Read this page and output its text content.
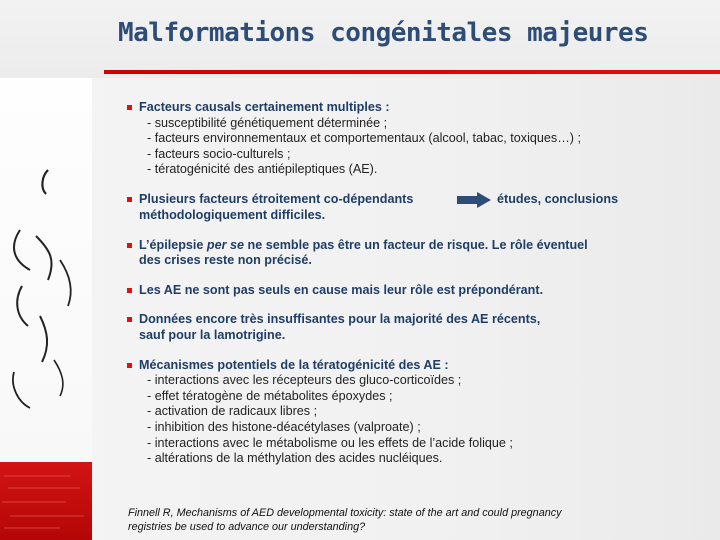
Malformations congénitales majeures
Facteurs causals certainement multiples :
- susceptibilité génétiquement déterminée ;
- facteurs environnementaux et comportementaux (alcool, tabac, toxiques…) ;
- facteurs socio-culturels ;
- tératogénicité des antiépileptiques (AE).
Plusieurs facteurs étroitement co-dépendants	études, conclusions
méthodologiquement difficiles.
L’épilepsie per se ne semble pas être un facteur de risque. Le rôle éventuel
des crises reste non précisé.
Les AE ne sont pas seuls en cause mais leur rôle est prépondérant.
Données encore très insuffisantes pour la majorité des AE récents,
sauf pour la lamotrigine.
Mécanismes potentiels de la tératogénicité des AE :
- interactions avec les récepteurs des gluco-corticoïdes ;
- effet tératogène de métabolites époxydes ;
- activation de radicaux libres ;
- inhibition des histone-déacétylases (valproate) ;
- interactions avec le métabolisme ou les effets de l’acide folique ;
- altérations de la méthylation des acides nucléiques.
Finnell R, Mechanisms of AED developmental toxicity: state of the art and could pregnancy
registries be used to advance our understanding?
